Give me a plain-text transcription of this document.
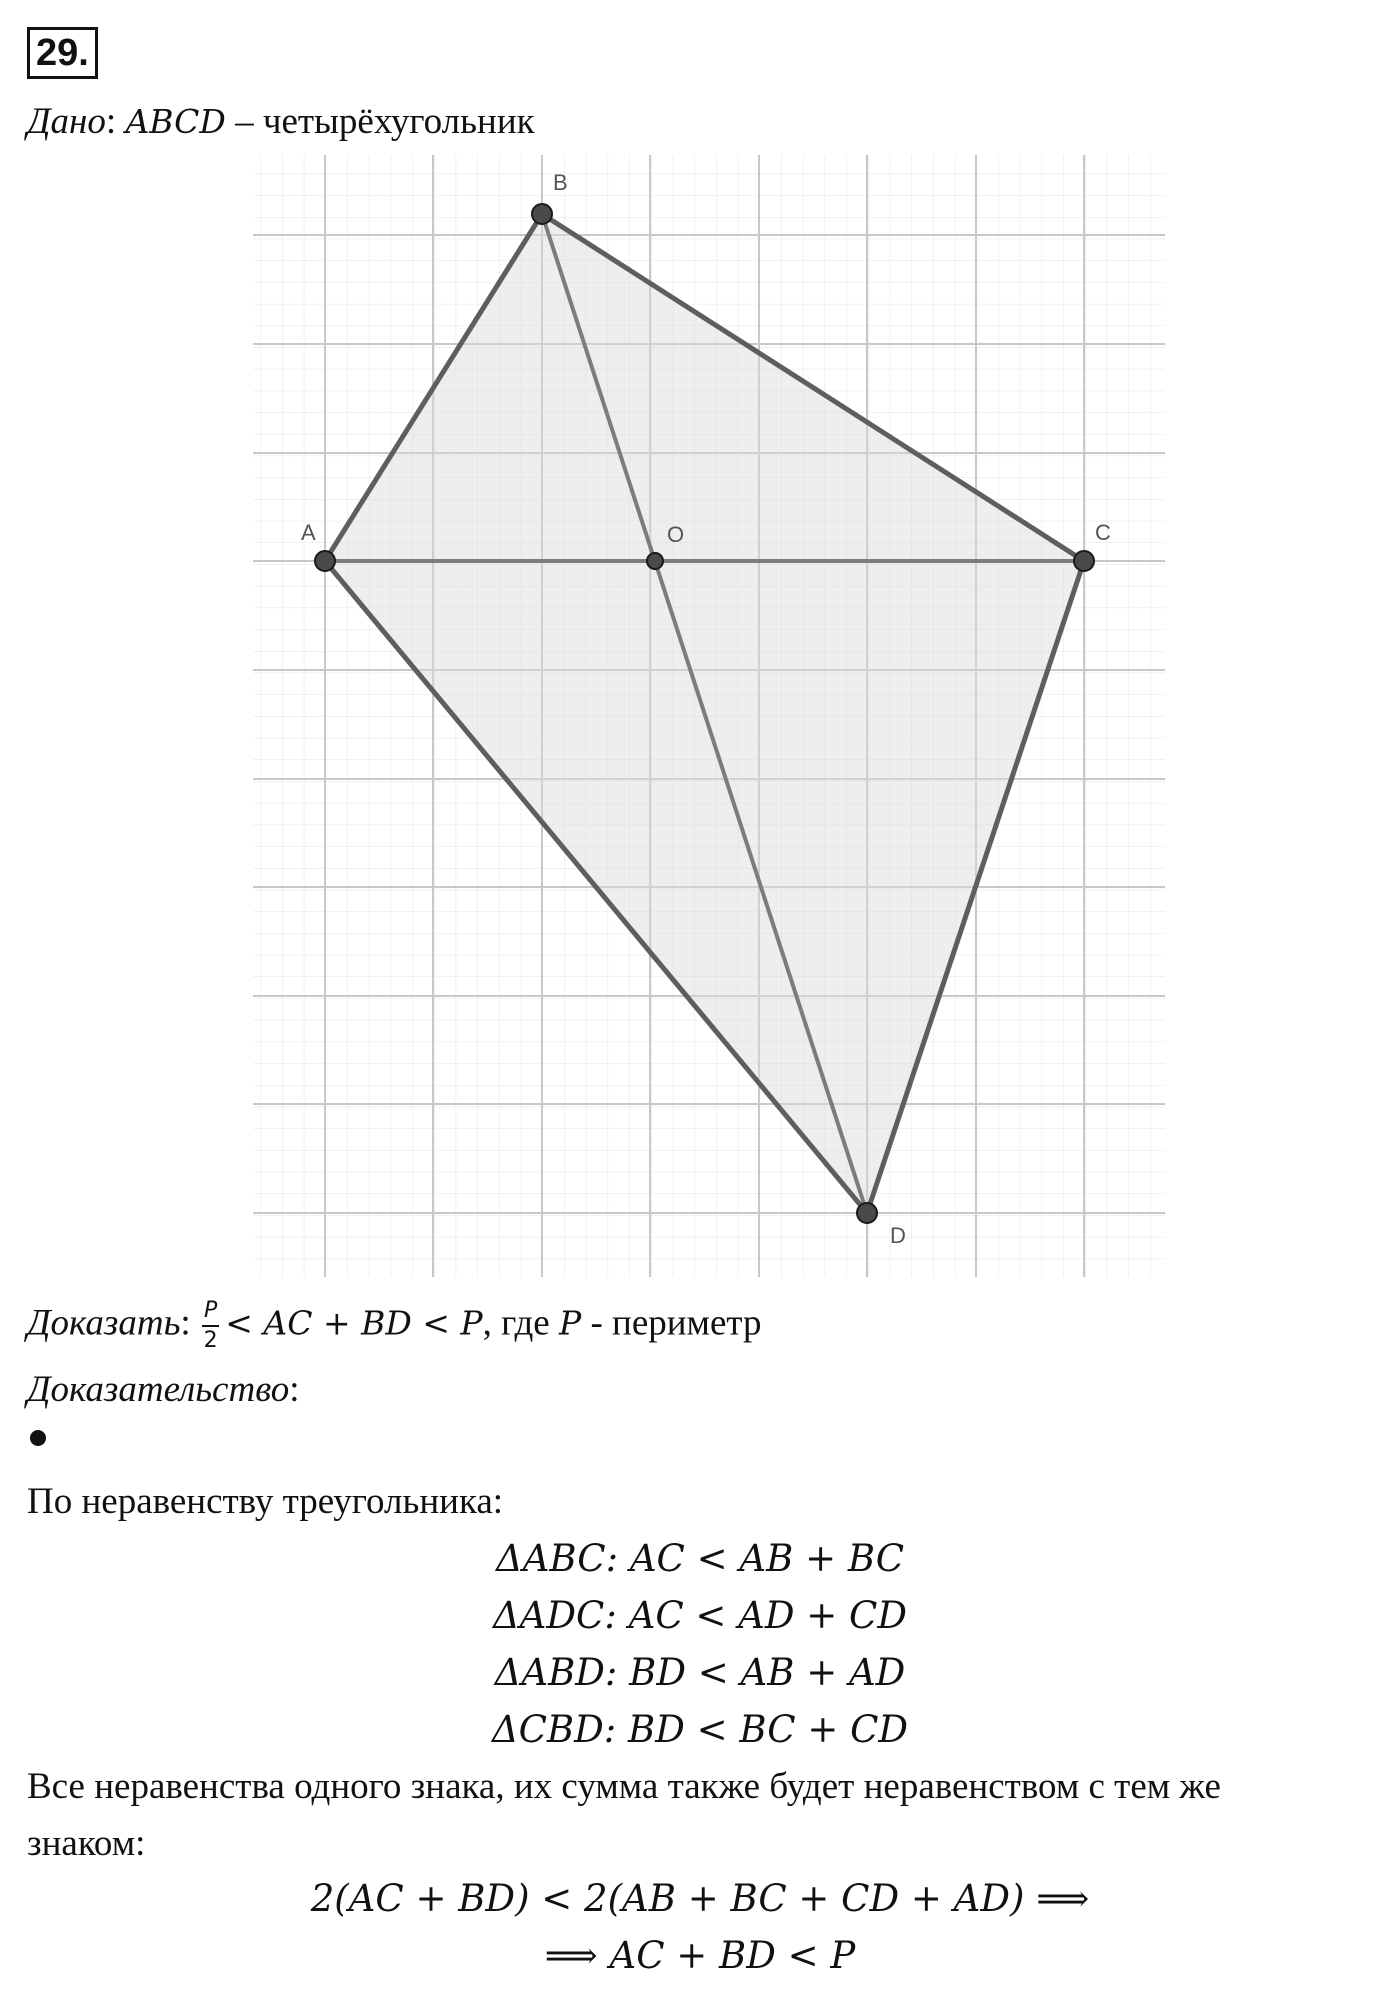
29.
Дано: ABCD – четырёхугольник
A
B
C
D
O
Доказать: $\frac{P}{2}$ < AC + BD < P, где P - периметр
Доказательство:
По неравенству треугольника:
ΔABC: AC < AB + BC
ΔADC: AC < AD + CD
ΔABD: BD < AB + AD
ΔCBD: BD < BC + CD
Все неравенства одного знака, их сумма также будет неравенством с тем же
знаком:
2(AC + BD) < 2(AB + BC + CD + AD) ⟹
⟹ AC + BD < P
